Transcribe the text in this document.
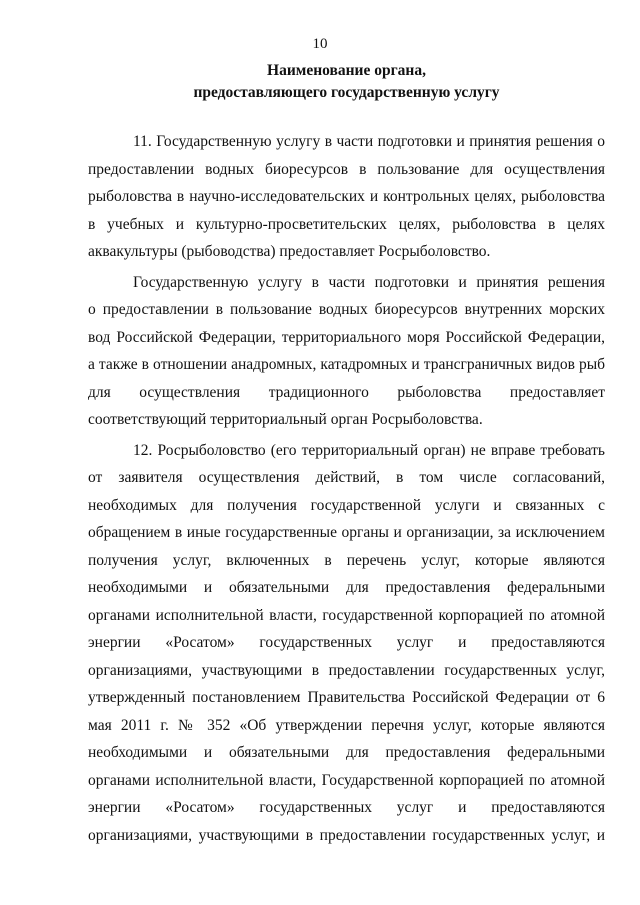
10
Наименование органа,
предоставляющего государственную услугу
11. Государственную услугу в части подготовки и принятия решения о
предоставлении водных биоресурсов в пользование для осуществления
рыболовства в научно-исследовательских и контрольных целях, рыболовства
в учебных и культурно-просветительских целях, рыболовства в целях
аквакультуры (рыбоводства) предоставляет Росрыболовство.
Государственную услугу в части подготовки и принятия решения
о предоставлении в пользование водных биоресурсов внутренних морских
вод Российской Федерации, территориального моря Российской Федерации,
а также в отношении анадромных, катадромных и трансграничных видов рыб
для осуществления традиционного рыболовства предоставляет
соответствующий территориальный орган Росрыболовства.
12. Росрыболовство (его территориальный орган) не вправе требовать
от заявителя осуществления действий, в том числе согласований,
необходимых для получения государственной услуги и связанных с
обращением в иные государственные органы и организации, за исключением
получения услуг, включенных в перечень услуг, которые являются
необходимыми и обязательными для предоставления федеральными
органами исполнительной власти, государственной корпорацией по атомной
энергии «Росатом» государственных услуг и предоставляются
организациями, участвующими в предоставлении государственных услуг,
утвержденный постановлением Правительства Российской Федерации от 6
мая 2011 г. № 352 «Об утверждении перечня услуг, которые являются
необходимыми и обязательными для предоставления федеральными
органами исполнительной власти, Государственной корпорацией по атомной
энергии «Росатом» государственных услуг и предоставляются
организациями, участвующими в предоставлении государственных услуг, и
